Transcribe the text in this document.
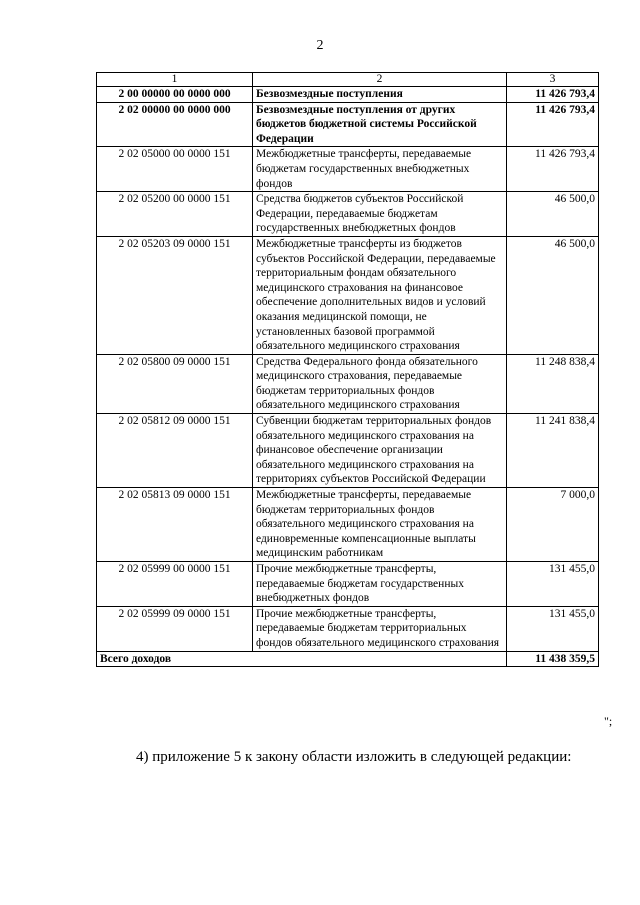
2
1	2	3
2 00 00000 00 0000 000	Безвозмездные поступления	11 426 793,4
2 02 00000 00 0000 000	Безвозмездные поступления от других бюджетов бюджетной системы Российской Федерации	11 426 793,4
2 02 05000 00 0000 151	Межбюджетные трансферты, передаваемые бюджетам государственных внебюджетных фондов	11 426 793,4
2 02 05200 00 0000 151	Средства бюджетов субъектов Российской Федерации, передаваемые бюджетам государственных внебюджетных фондов	46 500,0
2 02 05203 09 0000 151	Межбюджетные трансферты из бюджетов субъектов Российской Федерации, передаваемые территориальным фондам обязательного медицинского страхования на финансовое обеспечение дополнительных видов и условий оказания медицинской помощи, не установленных базовой программой обязательного медицинского страхования	46 500,0
2 02 05800 09 0000 151	Средства Федерального фонда обязательного медицинского страхования, передаваемые бюджетам территориальных фондов обязательного медицинского страхования	11 248 838,4
2 02 05812 09 0000 151	Субвенции бюджетам территориальных фондов обязательного медицинского страхования на финансовое обеспечение организации обязательного медицинского страхования на территориях субъектов Российской Федерации	11 241 838,4
2 02 05813 09 0000 151	Межбюджетные трансферты, передаваемые бюджетам территориальных фондов обязательного медицинского страхования на единовременные компенсационные выплаты медицинским работникам	7 000,0
2 02 05999 00 0000 151	Прочие межбюджетные трансферты, передаваемые бюджетам государственных внебюджетных фондов	131 455,0
2 02 05999 09 0000 151	Прочие межбюджетные трансферты, передаваемые бюджетам территориальных фондов обязательного медицинского страхования	131 455,0
Всего доходов		11 438 359,5
";
4) приложение 5 к закону области изложить в следующей редакции:
